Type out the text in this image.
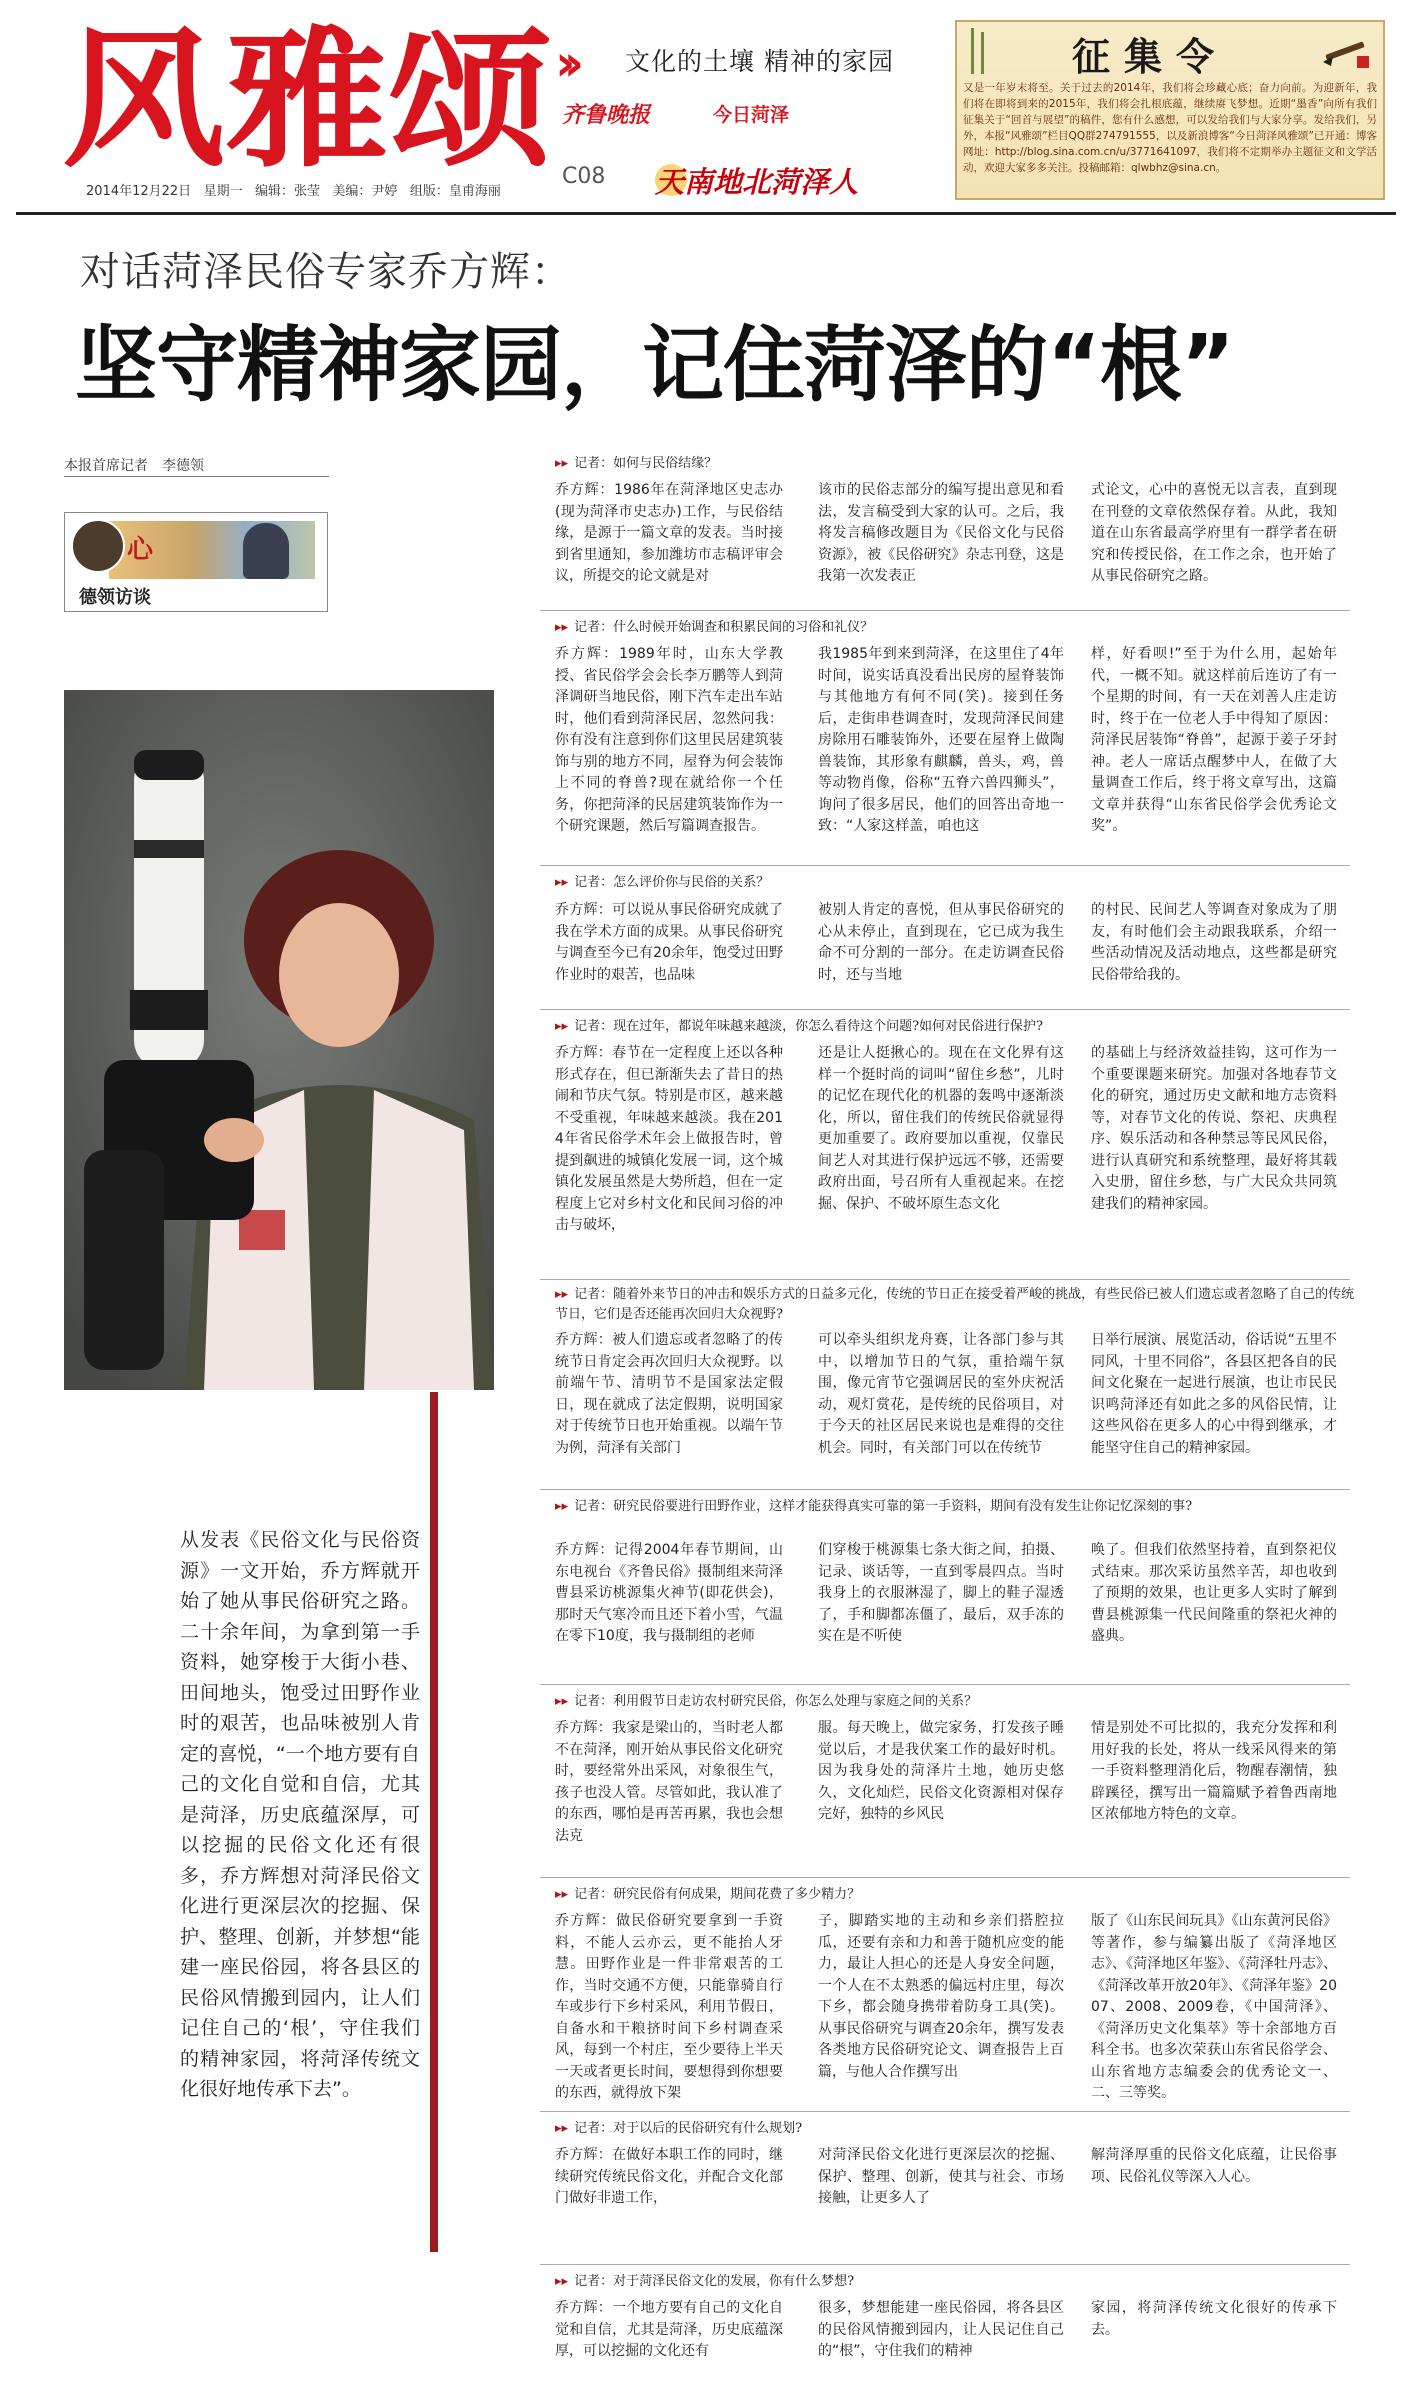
风雅颂 ›› 文化的土壤 精神的家园
齐鲁晚报	今日菏泽
2014年12月22日 星期一 编辑：张莹 美编：尹婷 组版：皇甫海丽
C08 天南地北菏泽人
征集令
又是一年岁末将至。关于过去的2014年，我们将会珍藏心底；奋力向前。为迎新年，我们将在即将到来的2015年，我们将会扎根底蕴，继续赓飞梦想。近期“墨香”向所有我们征集关于“回首与展望”的稿件，您有什么感想，可以发给我们与大家分享。发给我们，另外，本报“风雅颂”栏目QQ群274791555，以及新浪博客“今日菏泽风雅颂”已开通：博客网址：http://blog.sina.com.cn/u/3771641097，我们将不定期举办主题征文和文学活动，欢迎大家多多关注。投稿邮箱：qlwbhz@sina.cn。
对话菏泽民俗专家乔方辉：
坚守精神家园，记住菏泽的“根”
本报首席记者　李德领
心
德领访谈
从发表《民俗文化与民俗资源》一文开始，乔方辉就开始了她从事民俗研究之路。二十余年间，为拿到第一手资料，她穿梭于大街小巷、田间地头，饱受过田野作业时的艰苦，也品味被别人肯定的喜悦，“一个地方要有自己的文化自觉和自信，尤其是菏泽，历史底蕴深厚，可以挖掘的民俗文化还有很多，乔方辉想对菏泽民俗文化进行更深层次的挖掘、保护、整理、创新，并梦想“能建一座民俗园，将各县区的民俗风情搬到园内，让人们记住自己的‘根’，守住我们的精神家园，将菏泽传统文化很好地传承下去”。
▸▸ 记者：如何与民俗结缘？
乔方辉：1986年在菏泽地区史志办(现为菏泽市史志办)工作，与民俗结缘，是源于一篇文章的发表。当时接到省里通知，参加潍坊市志稿评审会议，所提交的论文就是对
该市的民俗志部分的编写提出意见和看法，发言稿受到大家的认可。之后，我将发言稿修改题目为《民俗文化与民俗资源》，被《民俗研究》杂志刊登，这是我第一次发表正
式论文，心中的喜悦无以言表，直到现在刊登的文章依然保存着。从此，我知道在山东省最高学府里有一群学者在研究和传授民俗，在工作之余，也开始了从事民俗研究之路。
▸▸ 记者：什么时候开始调查和积累民间的习俗和礼仪？
乔方辉：1989年时，山东大学教授、省民俗学会会长李万鹏等人到菏泽调研当地民俗，刚下汽车走出车站时，他们看到菏泽民居，忽然问我：你有没有注意到你们这里民居建筑装饰与别的地方不同，屋脊为何会装饰上不同的脊兽?现在就给你一个任务，你把菏泽的民居建筑装饰作为一个研究课题，然后写篇调查报告。
我1985年到来到菏泽，在这里住了4年时间，说实话真没看出民房的屋脊装饰与其他地方有何不同(笑)。接到任务后，走街串巷调查时，发现菏泽民间建房除用石雕装饰外，还要在屋脊上做陶兽装饰，其形象有麒麟，兽头，鸡，兽等动物肖像，俗称“五脊六兽四狮头”，询问了很多居民，他们的回答出奇地一致：“人家这样盖，咱也这
样，好看呗!”至于为什么用，起始年代，一概不知。就这样前后连访了有一个星期的时间，有一天在刘善人庄走访时，终于在一位老人手中得知了原因：菏泽民居装饰“脊兽”，起源于姜子牙封神。老人一席话点醒梦中人，在做了大量调查工作后，终于将文章写出，这篇文章并获得“山东省民俗学会优秀论文奖”。
▸▸ 记者：怎么评价你与民俗的关系？
乔方辉：可以说从事民俗研究成就了我在学术方面的成果。从事民俗研究与调查至今已有20余年，饱受过田野作业时的艰苦，也品味
被别人肯定的喜悦，但从事民俗研究的心从未停止，直到现在，它已成为我生命不可分割的一部分。在走访调查民俗时，还与当地
的村民、民间艺人等调查对象成为了朋友，有时他们会主动跟我联系，介绍一些活动情况及活动地点，这些都是研究民俗带给我的。
▸▸ 记者：现在过年，都说年味越来越淡，你怎么看待这个问题?如何对民俗进行保护?
乔方辉：春节在一定程度上还以各种形式存在，但已渐渐失去了昔日的热闹和节庆气氛。特别是市区，越来越不受重视，年味越来越淡。我在2014年省民俗学术年会上做报告时，曾提到飙进的城镇化发展一词，这个城镇化发展虽然是大势所趋，但在一定程度上它对乡村文化和民间习俗的冲击与破坏，
还是让人挺揪心的。现在在文化界有这样一个挺时尚的词叫“留住乡愁”，儿时的记忆在现代化的机器的轰鸣中逐渐淡化，所以，留住我们的传统民俗就显得更加重要了。政府要加以重视，仅靠民间艺人对其进行保护远远不够，还需要政府出面，号召所有人重视起来。在挖掘、保护、不破坏原生态文化
的基础上与经济效益挂钩，这可作为一个重要课题来研究。加强对各地春节文化的研究，通过历史文献和地方志资料等，对春节文化的传说、祭祀、庆典程序、娱乐活动和各种禁忌等民风民俗，进行认真研究和系统整理，最好将其载入史册，留住乡愁，与广大民众共同筑建我们的精神家园。
▸▸ 记者：随着外来节日的冲击和娱乐方式的日益多元化，传统的节日正在接受着严峻的挑战，有些民俗已被人们遗忘或者忽略了自己的传统节日，它们是否还能再次回归大众视野?
乔方辉：被人们遗忘或者忽略了的传统节日肯定会再次回归大众视野。以前端午节、清明节不是国家法定假日，现在就成了法定假期，说明国家对于传统节日也开始重视。以端午节为例，菏泽有关部门
可以牵头组织龙舟赛，让各部门参与其中，以增加节日的气氛，重拾端午氛围，像元宵节它强调居民的室外庆祝活动，观灯赏花，是传统的民俗项目，对于今天的社区居民来说也是难得的交往机会。同时，有关部门可以在传统节
日举行展演、展览活动，俗话说“五里不同风，十里不同俗”，各县区把各自的民间文化聚在一起进行展演，也让市民民识鸣菏泽还有如此之多的风俗民情，让这些风俗在更多人的心中得到继承，才能坚守住自己的精神家园。
▸▸ 记者：研究民俗要进行田野作业，这样才能获得真实可靠的第一手资料，期间有没有发生让你记忆深刻的事?
乔方辉：记得2004年春节期间，山东电视台《齐鲁民俗》摄制组来菏泽曹县采访桃源集火神节(即花供会)，那时天气寒冷而且还下着小雪，气温在零下10度，我与摄制组的老师
们穿梭于桃源集七条大街之间，拍摄、记录、谈话等，一直到零晨四点。当时我身上的衣服淋湿了，脚上的鞋子湿透了，手和脚都冻僵了，最后，双手冻的实在是不听使
唤了。但我们依然坚持着，直到祭祀仪式结束。那次采访虽然辛苦，却也收到了预期的效果，也让更多人实时了解到曹县桃源集一代民间隆重的祭祀火神的盛典。
▸▸ 记者：利用假节日走访农村研究民俗，你怎么处理与家庭之间的关系？
乔方辉：我家是梁山的，当时老人都不在菏泽，刚开始从事民俗文化研究时，要经常外出采风，对象很生气，孩子也没人管。尽管如此，我认准了的东西，哪怕是再苦再累，我也会想法克
服。每天晚上，做完家务，打发孩子睡觉以后，才是我伏案工作的最好时机。因为我身处的菏泽片土地，她历史悠久，文化灿烂，民俗文化资源相对保存完好，独特的乡风民
情是别处不可比拟的，我充分发挥和利用好我的长处，将从一线采风得来的第一手资料整理消化后，物醒春潮情，独辟蹊径，撰写出一篇篇赋予着鲁西南地区浓郁地方特色的文章。
▸▸ 记者：研究民俗有何成果，期间花费了多少精力？
乔方辉：做民俗研究要拿到一手资料，不能人云亦云，更不能抬人牙慧。田野作业是一件非常艰苦的工作，当时交通不方便，只能靠骑自行车或步行下乡村采风，利用节假日，自备水和干粮挤时间下乡村调查采风，每到一个村庄，至少要待上半天一天或者更长时间，要想得到你想要的东西，就得放下架
子，脚踏实地的主动和乡亲们搭腔拉瓜，还要有亲和力和善于随机应变的能力，最让人担心的还是人身安全问题，一个人在不太熟悉的偏远村庄里，每次下乡，都会随身携带着防身工具(笑)。从事民俗研究与调查20余年，撰写发表各类地方民俗研究论文、调查报告上百篇，与他人合作撰写出
版了《山东民间玩具》《山东黄河民俗》等著作，参与编纂出版了《菏泽地区志》、《菏泽地区年鉴》、《菏泽牡丹志》、《菏泽改革开放20年》、《菏泽年鉴》2007、2008、2009卷，《中国菏泽》、《菏泽历史文化集萃》等十余部地方百科全书。也多次荣获山东省民俗学会、山东省地方志编委会的优秀论文一、二、三等奖。
▸▸ 记者：对于以后的民俗研究有什么规划?
乔方辉：在做好本职工作的同时，继续研究传统民俗文化，并配合文化部门做好非遗工作，
对菏泽民俗文化进行更深层次的挖掘、保护、整理、创新，使其与社会、市场接触，让更多人了
解菏泽厚重的民俗文化底蕴，让民俗事项、民俗礼仪等深入人心。
▸▸ 记者：对于菏泽民俗文化的发展，你有什么梦想?
乔方辉：一个地方要有自己的文化自觉和自信，尤其是菏泽，历史底蕴深厚，可以挖掘的文化还有
很多，梦想能建一座民俗园，将各县区的民俗风情搬到园内，让人民记住自己的“根”，守住我们的精神
家园，将菏泽传统文化很好的传承下去。
